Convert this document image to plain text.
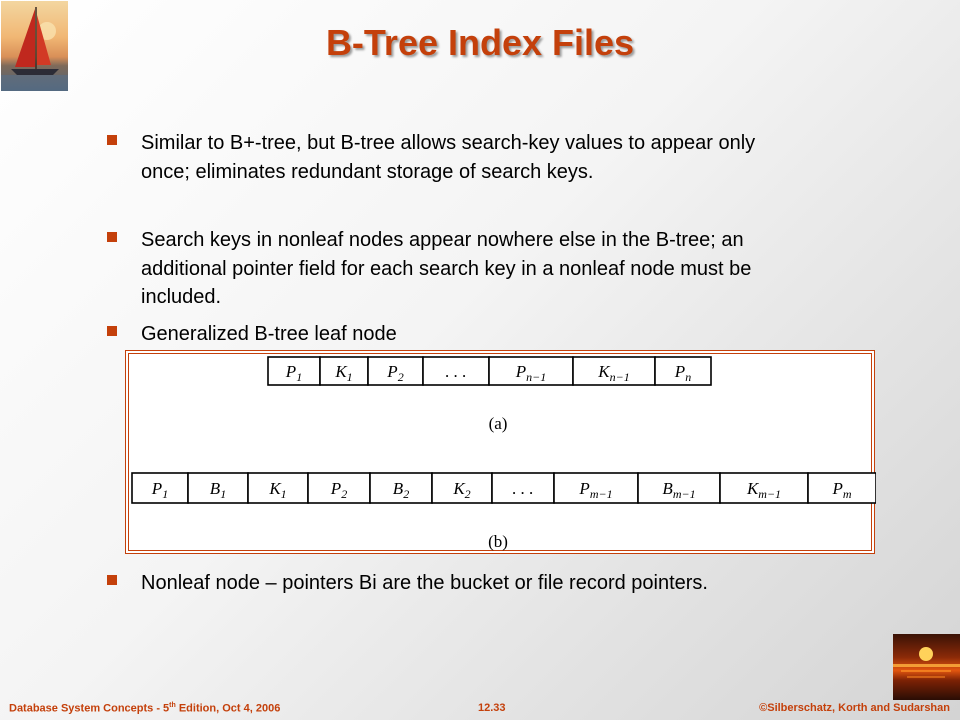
B-Tree Index Files
Similar to B+-tree, but B-tree allows search-key values to appear only once; eliminates redundant storage of search keys.
Search keys in nonleaf nodes appear nowhere else in the B-tree; an additional pointer field for each search key in a nonleaf node must be included.
Generalized B-tree leaf node
$P_1$ $K_1$ $P_2$ . . .	$P_{n-1}$	$K_{n-1}$	$P_n$
(a)
$P_1$ $B_1$	$K_1$	$P_2$	$B_2$	$K_2$ . . .	$P_{m-1}$	$B_{m-1}$	$K_{m-1}$	$P_m$
(b)
Nonleaf node – pointers Bi are the bucket or file record pointers.
Database System Concepts - 5th Edition, Oct 4, 2006	12.33	©Silberschatz, Korth and Sudarshan
